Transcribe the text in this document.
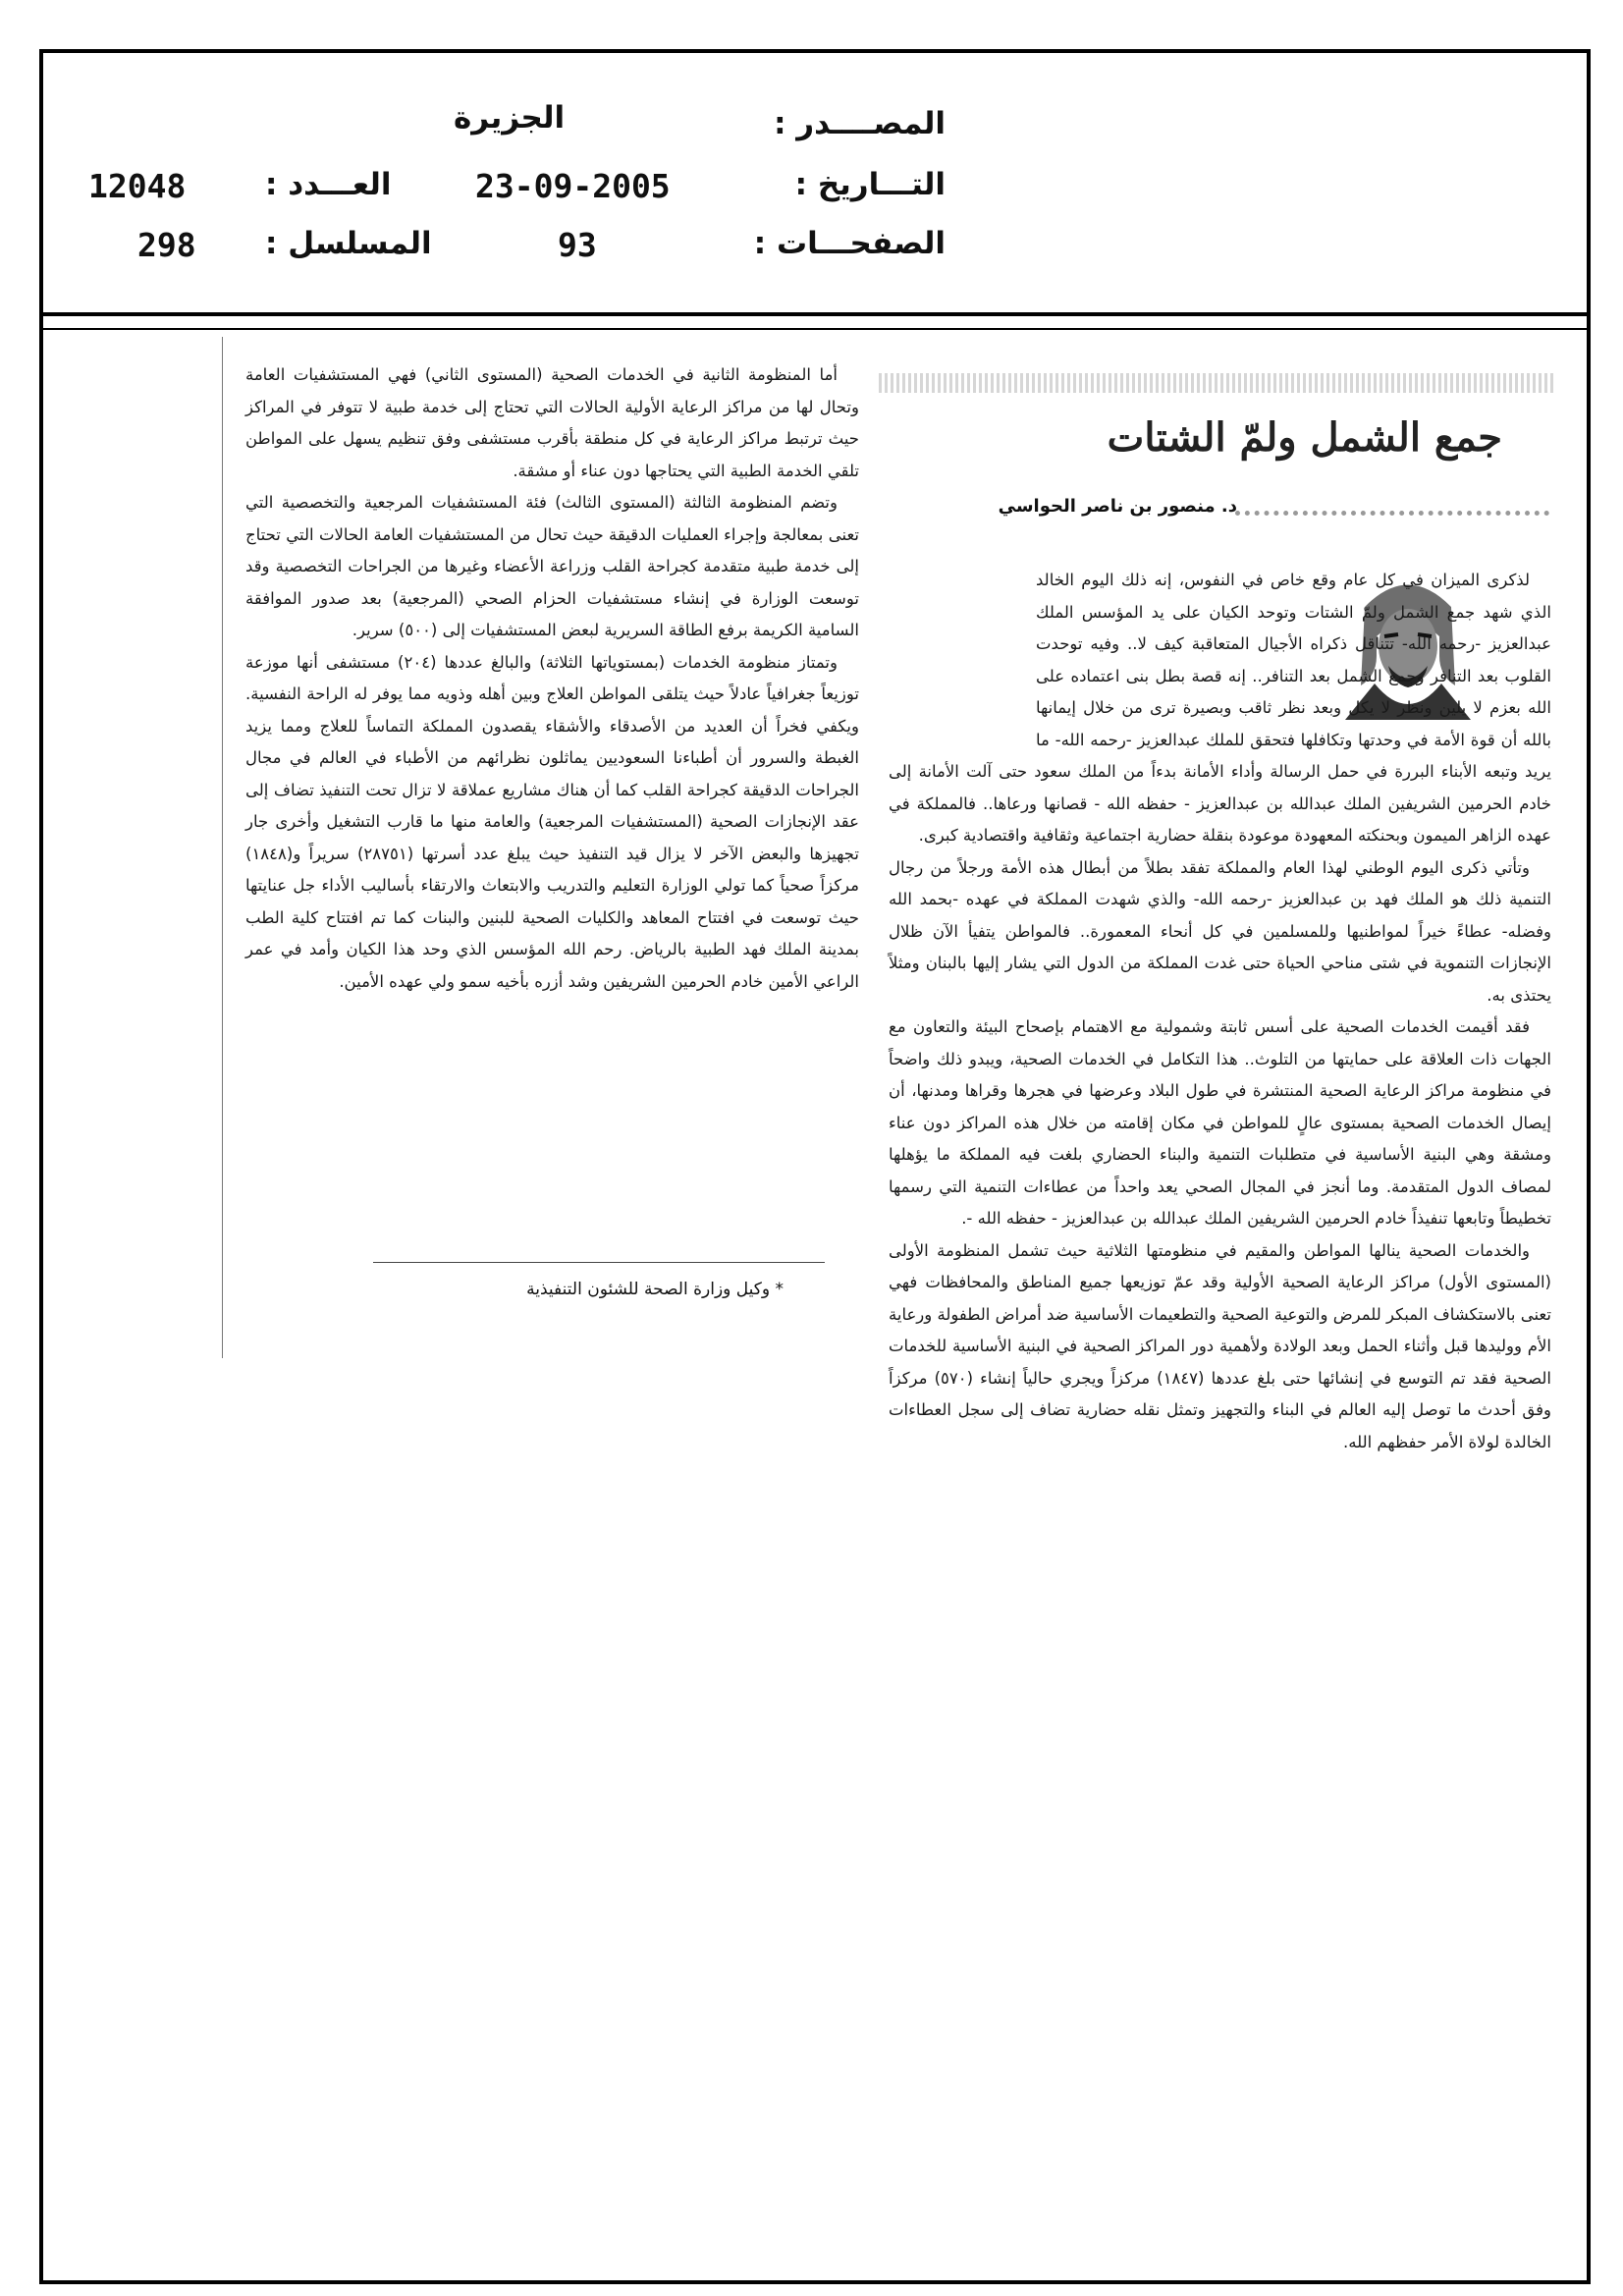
المصــــدر :
الجزيرة
التـــاريخ :
23-09-2005
الصفحـــات :
93
العـــدد :
12048
المسلسل :
298
جمع الشمل ولمّ الشتات
د. منصور بن ناصر الحواسي

لذكرى الميزان في كل عام وقع خاص في النفوس، إنه ذلك اليوم الخالد الذي شهد جمع الشمل ولمّ الشتات وتوحد الكيان على يد المؤسس الملك عبدالعزيز -رحمه الله- تتناقل ذكراه الأجيال المتعاقبة كيف لا.. وفيه توحدت القلوب بعد التنافر وجمع الشمل بعد التنافر.. إنه قصة بطل بنى اعتماده على الله بعزم لا يلين ونظر لا يكل وبعد نظر ثاقب وبصيرة ترى من خلال إيمانها بالله أن قوة الأمة في وحدتها وتكافلها فتحقق للملك عبدالعزيز -رحمه الله- ما يريد وتبعه الأبناء البررة في حمل الرسالة وأداء الأمانة بدءاً من الملك سعود حتى آلت الأمانة إلى خادم الحرمين الشريفين الملك عبدالله بن عبدالعزيز - حفظه الله - قصانها ورعاها.. فالمملكة في عهده الزاهر الميمون وبحنكته المعهودة موعودة بنقلة حضارية اجتماعية وثقافية واقتصادية كبرى.

وتأتي ذكرى اليوم الوطني لهذا العام والمملكة تفقد بطلاً من أبطال هذه الأمة ورجلاً من رجال التنمية ذلك هو الملك فهد بن عبدالعزيز -رحمه الله- والذي شهدت المملكة في عهده -بحمد الله وفضله- عطاءً خيراً لمواطنيها وللمسلمين في كل أنحاء المعمورة.. فالمواطن يتفيأ الآن ظلال الإنجازات التنموية في شتى مناحي الحياة حتى غدت المملكة من الدول التي يشار إليها بالبنان ومثلاً يحتذى به.

فقد أقيمت الخدمات الصحية على أسس ثابتة وشمولية مع الاهتمام بإصحاح البيئة والتعاون مع الجهات ذات العلاقة على حمايتها من التلوث.. هذا التكامل في الخدمات الصحية، ويبدو ذلك واضحاً في منظومة مراكز الرعاية الصحية المنتشرة في طول البلاد وعرضها في هجرها وقراها ومدنها، أن إيصال الخدمات الصحية بمستوى عالٍ للمواطن في مكان إقامته من خلال هذه المراكز دون عناء ومشقة وهي البنية الأساسية في متطلبات التنمية والبناء الحضاري بلغت فيه المملكة ما يؤهلها لمصاف الدول المتقدمة. وما أنجز في المجال الصحي يعد واحداً من عطاءات التنمية التي رسمها تخطيطاً وتابعها تنفيذاً خادم الحرمين الشريفين الملك عبدالله بن عبدالعزيز - حفظه الله -.

والخدمات الصحية ينالها المواطن والمقيم في منظومتها الثلاثية حيث تشمل المنظومة الأولى (المستوى الأول) مراكز الرعاية الصحية الأولية وقد عمّ توزيعها جميع المناطق والمحافظات فهي تعنى بالاستكشاف المبكر للمرض والتوعية الصحية والتطعيمات الأساسية ضد أمراض الطفولة ورعاية الأم ووليدها قبل وأثناء الحمل وبعد الولادة ولأهمية دور المراكز الصحية في البنية الأساسية للخدمات الصحية فقد تم التوسع في إنشائها حتى بلغ عددها (١٨٤٧) مركزاً ويجري حالياً إنشاء (٥٧٠) مركزاً وفق أحدث ما توصل إليه العالم في البناء والتجهيز وتمثل نقله حضارية تضاف إلى سجل العطاءات الخالدة لولاة الأمر حفظهم الله.

أما المنظومة الثانية في الخدمات الصحية (المستوى الثاني) فهي المستشفيات العامة وتحال لها من مراكز الرعاية الأولية الحالات التي تحتاج إلى خدمة طبية لا تتوفر في المراكز حيث ترتبط مراكز الرعاية في كل منطقة بأقرب مستشفى وفق تنظيم يسهل على المواطن تلقي الخدمة الطبية التي يحتاجها دون عناء أو مشقة.

وتضم المنظومة الثالثة (المستوى الثالث) فئة المستشفيات المرجعية والتخصصية التي تعنى بمعالجة وإجراء العمليات الدقيقة حيث تحال من المستشفيات العامة الحالات التي تحتاج إلى خدمة طبية متقدمة كجراحة القلب وزراعة الأعضاء وغيرها من الجراحات التخصصية وقد توسعت الوزارة في إنشاء مستشفيات الحزام الصحي (المرجعية) بعد صدور الموافقة السامية الكريمة برفع الطاقة السريرية لبعض المستشفيات إلى (٥٠٠) سرير.

وتمتاز منظومة الخدمات (بمستوياتها الثلاثة) والبالغ عددها (٢٠٤) مستشفى أنها موزعة توزيعاً جغرافياً عادلاً حيث يتلقى المواطن العلاج وبين أهله وذويه مما يوفر له الراحة النفسية. ويكفي فخراً أن العديد من الأصدقاء والأشقاء يقصدون المملكة التماساً للعلاج ومما يزيد الغبطة والسرور أن أطباءنا السعوديين يماثلون نظرائهم من الأطباء في العالم في مجال الجراحات الدقيقة كجراحة القلب كما أن هناك مشاريع عملاقة لا تزال تحت التنفيذ تضاف إلى عقد الإنجازات الصحية (المستشفيات المرجعية) والعامة منها ما قارب التشغيل وأخرى جار تجهيزها والبعض الآخر لا يزال قيد التنفيذ حيث يبلغ عدد أسرتها (٢٨٧٥١) سريراً و(١٨٤٨) مركزاً صحياً كما تولي الوزارة التعليم والتدريب والابتعاث والارتقاء بأساليب الأداء جل عنايتها حيث توسعت في افتتاح المعاهد والكليات الصحية للبنين والبنات كما تم افتتاح كلية الطب بمدينة الملك فهد الطبية بالرياض. رحم الله المؤسس الذي وحد هذا الكيان وأمد في عمر الراعي الأمين خادم الحرمين الشريفين وشد أزره بأخيه سمو ولي عهده الأمين.

* وكيل وزارة الصحة للشئون التنفيذية
